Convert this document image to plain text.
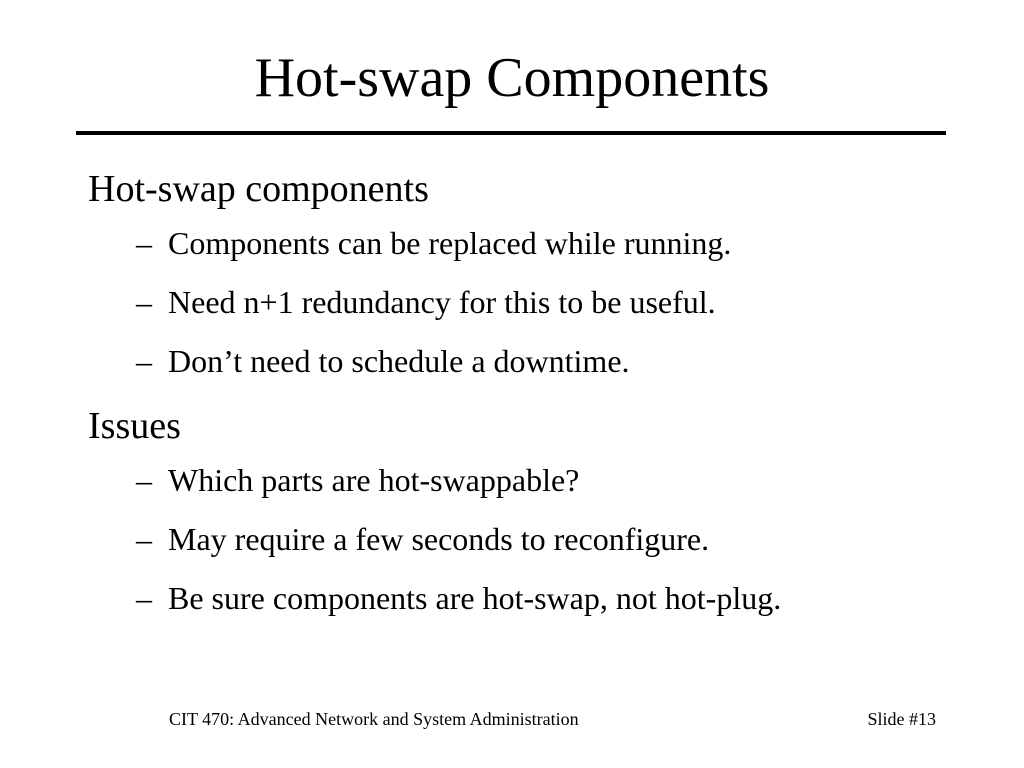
Hot-swap Components

Hot-swap components

– Components can be replaced while running.
– Need n+1 redundancy for this to be useful.
– Don’t need to schedule a downtime.

Issues

– Which parts are hot-swappable?
– May require a few seconds to reconfigure.
– Be sure components are hot-swap, not hot-plug.
CIT 470: Advanced Network and System Administration	Slide #13
